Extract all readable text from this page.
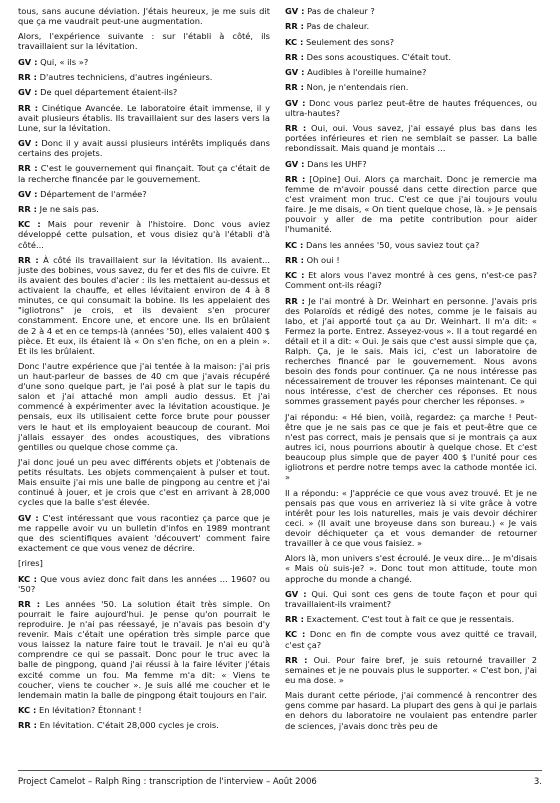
tous, sans aucune déviation. J'étais heureux, je me suis dit que ça me vaudrait peut-une augmentation.

Alors, l'expérience suivante : sur l'établi à côté, ils travaillaient sur la lévitation.

GV : Qui, « ils »?

RR : D'autres techniciens, d'autres ingénieurs.

GV : De quel département étaient-ils?

RR : Cinétique Avancée. Le laboratoire était immense, il y avait plusieurs établis. Ils travaillaient sur des lasers vers la Lune, sur la lévitation.

GV : Donc il y avait aussi plusieurs intérêts impliqués dans certains des projets.

RR : C'est le gouvernement qui finançait. Tout ça c'était de la recherche financée par le gouvernement.

GV : Département de l'armée?

RR : Je ne sais pas.

KC : Mais pour revenir à l'histoire. Donc vous aviez développé cette pulsation, et vous disiez qu'à l'établi d'à côté...

RR : À côté ils travaillaient sur la lévitation. Ils avaient... juste des bobines, vous savez, du fer et des fils de cuivre. Et ils avaient des boules d'acier : ils les mettaient au-dessus et activaient la chauffe, et elles lévitaient environ de 4 à 8 minutes, ce qui consumait la bobine. Ils les appelaient des "igliotrons" je crois, et ils devaient s'en procurer constamment. Encore une, et encore une. Ils en brûlaient de 2 à 4 et en ce temps-là (années '50), elles valaient 400 $ pièce. Et eux, ils étaient là « On s'en fiche, on en a plein ». Et ils les brûlaient.

Donc l'autre expérience que j'ai tentée à la maison: j'ai pris un haut-parleur de basses de 40 cm que j'avais récupéré d'une sono quelque part, je l'ai posé à plat sur le tapis du salon et j'ai attaché mon ampli audio dessus. Et j'ai commencé à expérimenter avec la lévitation acoustique. Je pensais, eux ils utilisaient cette force brute pour pousser vers le haut et ils employaient beaucoup de courant. Moi j'allais essayer des ondes acoustiques, des vibrations gentilles ou quelque chose comme ça.

J'ai donc joué un peu avec différents objets et j'obtenais de petits résultats. Les objets commençaient à pulser et tout. Mais ensuite j'ai mis une balle de pingpong au centre et j'ai continué à jouer, et je crois que c'est en arrivant à 28,000 cycles que la balle s'est élevée.

GV : C'est intéressant que vous racontiez ça parce que je me rappelle avoir vu un bulletin d'infos en 1989 montrant que des scientifiques avaient 'découvert' comment faire exactement ce que vous venez de décrire.

[rires]

KC : Que vous aviez donc fait dans les années ... 1960? ou '50?

RR : Les années '50. La solution était très simple. On pourrait le faire aujourd'hui. Je pense qu'on pourrait le reproduire. Je n'ai pas réessayé, je n'avais pas besoin d'y revenir. Mais c'était une opération très simple parce que vous laissez la nature faire tout le travail. Je n'ai eu qu'à comprendre ce qui se passait. Donc pour le truc avec la balle de pingpong, quand j'ai réussi à la faire léviter j'étais excité comme un fou. Ma femme m'a dit: « Viens te coucher, viens te coucher ». Je suis allé me coucher et le lendemain matin la balle de pingpong était toujours en l'air.

KC : En lévitation? Étonnant !

RR : En lévitation. C'était 28,000 cycles je crois.

GV : Pas de chaleur ?

RR : Pas de chaleur.

KC : Seulement des sons?

RR : Des sons acoustiques. C'était tout.

GV : Audibles à l'oreille humaine?

RR : Non, je n'entendais rien.

GV : Donc vous parlez peut-être de hautes fréquences, ou ultra-hautes?

RR : Oui, oui. Vous savez, j'ai essayé plus bas dans les portées inférieures et rien ne semblait se passer. La balle rebondissait. Mais quand je montais ...

GV : Dans les UHF?

RR : [Opine] Oui. Alors ça marchait. Donc je remercie ma femme de m'avoir poussé dans cette direction parce que c'est vraiment mon truc. C'est ce que j'ai toujours voulu faire. Je me disais, « On tient quelque chose, là. » Je pensais pouvoir y aller de ma petite contribution pour aider l'humanité.

KC : Dans les années '50, vous saviez tout ça?

RR : Oh oui !

KC : Et alors vous l'avez montré à ces gens, n'est-ce pas? Comment ont-ils réagi?

RR : Je l'ai montré à Dr. Weinhart en personne. J'avais pris des Polaroïds et rédigé des notes, comme je le faisais au labo, et j'ai apporté tout ça au Dr. Weinhart. Il m'a dit: « Fermez la porte. Entrez. Asseyez-vous ». Il a tout regardé en détail et il a dit: « Oui. Je sais que c'est aussi simple que ça, Ralph. Ça, je le sais. Mais ici, c'est un laboratoire de recherches financé par le gouvernement. Nous avons besoin des fonds pour continuer. Ça ne nous intéresse pas nécessairement de trouver les réponses maintenant. Ce qui nous intéresse, c'est de chercher ces réponses. Et nous sommes grassement payés pour chercher les réponses. »

J'ai répondu: « Hé bien, voilà, regardez: ça marche ! Peut-être que je ne sais pas ce que je fais et peut-être que ce n'est pas correct, mais je pensais que si je montrais ça aux autres ici, nous pourrions aboutir à quelque chose. Et c'est beaucoup plus simple que de payer 400 $ l'unité pour ces igliotrons et perdre notre temps avec la cathode montée ici. »

Il a répondu: « J'apprécie ce que vous avez trouvé. Et je ne pensais pas que vous en arriveriez là si vite grâce à votre intérêt pour les lois naturelles, mais je vais devoir déchirer ceci. » (Il avait une broyeuse dans son bureau.) « Je vais devoir déchiqueter ça et vous demander de retourner travailler à ce que vous faisiez. »

Alors là, mon univers s'est écroulé. Je veux dire... Je m'disais « Mais où suis-je? ». Donc tout mon attitude, toute mon approche du monde a changé.

GV : Qui. Qui sont ces gens de toute façon et pour qui travaillaient-ils vraiment?

RR : Exactement. C'est tout à fait ce que je ressentais.

KC : Donc en fin de compte vous avez quitté ce travail, c'est ça?

RR : Oui. Pour faire bref, je suis retourné travailler 2 semaines et je ne pouvais plus le supporter. « C'est bon, j'ai eu ma dose. »

Mais durant cette période, j'ai commencé à rencontrer des gens comme par hasard. La plupart des gens à qui je parlais en dehors du laboratoire ne voulaient pas entendre parler de sciences, j'avais donc très peu de

Project Camelot – Ralph Ring : transcription de l'interview – Août 2006	3.
